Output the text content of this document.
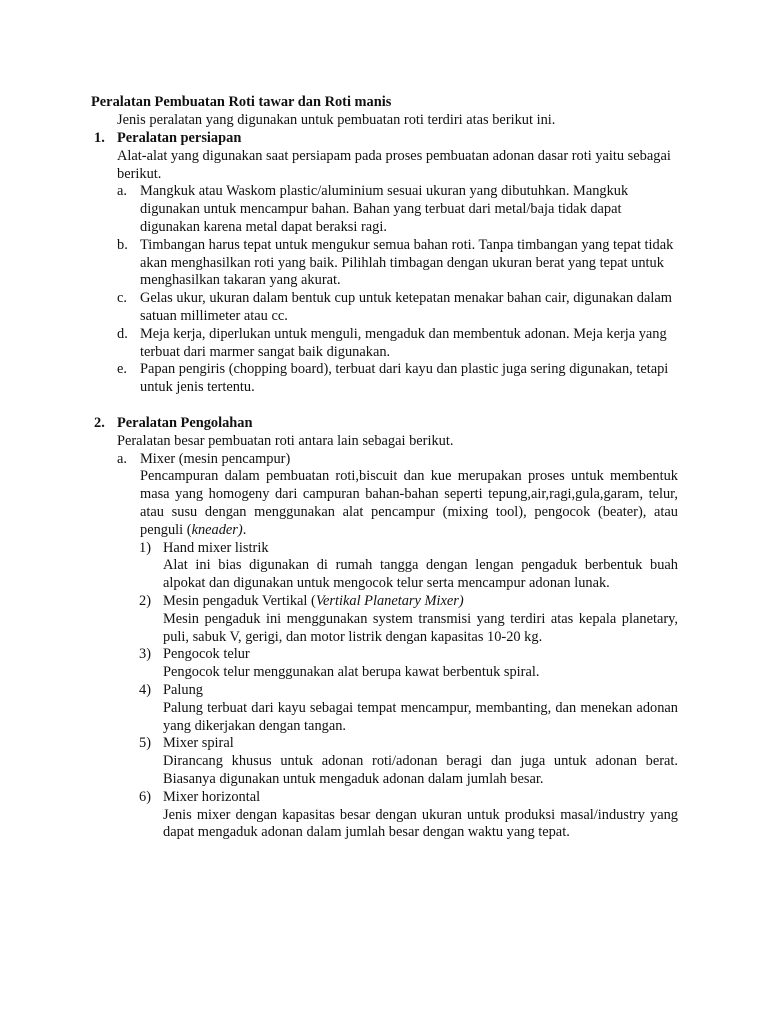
Peralatan Pembuatan Roti tawar dan Roti manis
Jenis peralatan yang digunakan untuk pembuatan roti terdiri atas berikut ini.
1. Peralatan persiapan
Alat-alat yang digunakan saat persiapam pada proses pembuatan adonan dasar roti yaitu sebagai berikut.
a. Mangkuk atau Waskom plastic/aluminium sesuai ukuran yang dibutuhkan. Mangkuk digunakan untuk mencampur bahan. Bahan yang terbuat dari metal/baja tidak dapat digunakan karena metal dapat beraksi ragi.
b. Timbangan harus tepat untuk mengukur semua bahan roti. Tanpa timbangan yang tepat tidak akan menghasilkan roti yang baik. Pilihlah timbagan dengan ukuran berat yang tepat untuk menghasilkan takaran yang akurat.
c. Gelas ukur, ukuran dalam bentuk cup untuk ketepatan menakar bahan cair, digunakan dalam satuan millimeter atau cc.
d. Meja kerja, diperlukan untuk menguli, mengaduk dan membentuk adonan. Meja kerja yang terbuat dari marmer sangat baik digunakan.
e. Papan pengiris (chopping board), terbuat dari kayu dan plastic juga sering digunakan, tetapi untuk jenis tertentu.
2. Peralatan Pengolahan
Peralatan besar pembuatan roti antara lain sebagai berikut.
a. Mixer (mesin pencampur)
Pencampuran dalam pembuatan roti,biscuit dan kue merupakan proses untuk membentuk masa yang homogeny dari campuran bahan-bahan seperti tepung,air,ragi,gula,garam, telur, atau susu dengan menggunakan alat pencampur (mixing tool), pengocok (beater), atau penguli (kneader).
1) Hand mixer listrik
Alat ini bias digunakan di rumah tangga dengan lengan pengaduk berbentuk buah alpokat dan digunakan untuk mengocok telur serta mencampur adonan lunak.
2) Mesin pengaduk Vertikal (Vertikal Planetary Mixer)
Mesin pengaduk ini menggunakan system transmisi yang terdiri atas kepala planetary, puli, sabuk V, gerigi, dan motor listrik dengan kapasitas 10-20 kg.
3) Pengocok telur
Pengocok telur menggunakan alat berupa kawat berbentuk spiral.
4) Palung
Palung terbuat dari kayu sebagai tempat mencampur, membanting, dan menekan adonan yang dikerjakan dengan tangan.
5) Mixer spiral
Dirancang khusus untuk adonan roti/adonan beragi dan juga untuk adonan berat. Biasanya digunakan untuk mengaduk adonan dalam jumlah besar.
6) Mixer horizontal
Jenis mixer dengan kapasitas besar dengan ukuran untuk produksi masal/industry yang dapat mengaduk adonan dalam jumlah besar dengan waktu yang tepat.
